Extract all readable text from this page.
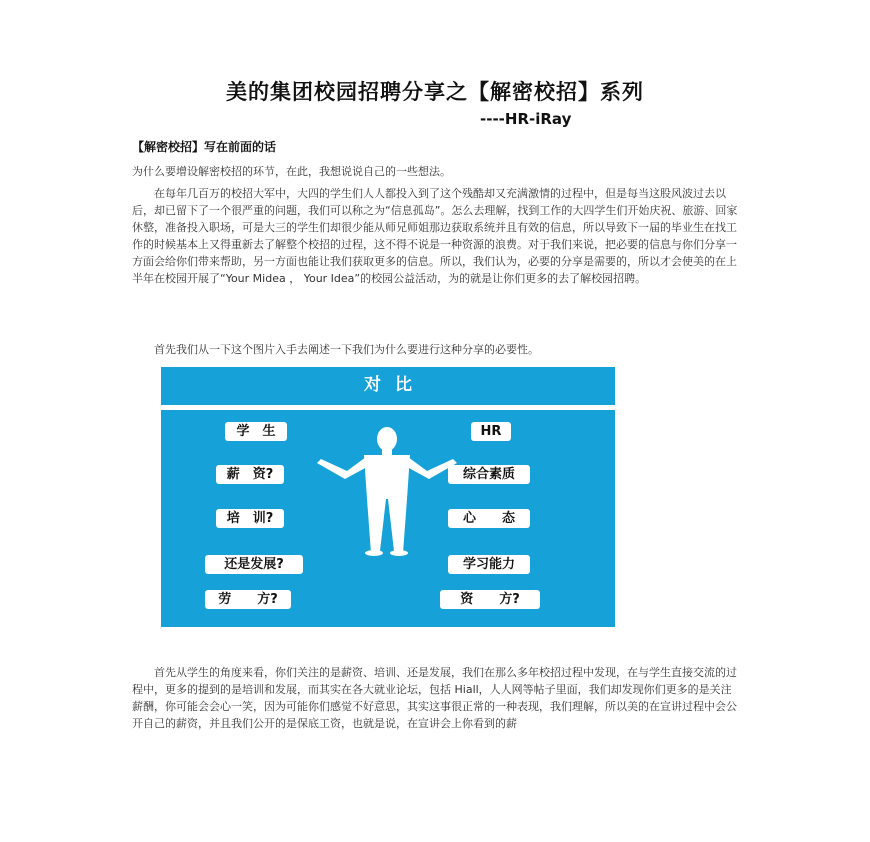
美的集团校园招聘分享之【解密校招】系列
----HR-iRay
【解密校招】写在前面的话
为什么要增设解密校招的环节，在此，我想说说自己的一些想法。
在每年几百万的校招大军中，大四的学生们人人都投入到了这个残酷却又充满激情的过程中，但是每当这股风波过去以后，却已留下了一个很严重的问题，我们可以称之为“信息孤岛”。怎么去理解，找到工作的大四学生们开始庆祝、旅游、回家休整，准备投入职场，可是大三的学生们却很少能从师兄师姐那边获取系统并且有效的信息，所以导致下一届的毕业生在找工作的时候基本上又得重新去了解整个校招的过程，这不得不说是一种资源的浪费。对于我们来说，把必要的信息与你们分享一方面会给你们带来帮助，另一方面也能让我们获取更多的信息。所以，我们认为，必要的分享是需要的，所以才会使美的在上半年在校园开展了“Your Midea ， Your Idea”的校园公益活动，为的就是让你们更多的去了解校园招聘。
首先我们从一下这个图片入手去阐述一下我们为什么要进行这种分享的必要性。
对比
学　生
薪　资?
培　训?
还是发展?
劳　　方?
HR
综合素质
心　　态
学习能力
资　　方?
首先从学生的角度来看，你们关注的是薪资、培训、还是发展，我们在那么多年校招过程中发现，在与学生直接交流的过程中，更多的提到的是培训和发展，而其实在各大就业论坛，包括 Hiall，人人网等帖子里面，我们却发现你们更多的是关注薪酬，你可能会会心一笑，因为可能你们感觉不好意思，其实这事很正常的一种表现，我们理解，所以美的在宣讲过程中会公开自己的薪资，并且我们公开的是保底工资，也就是说，在宣讲会上你看到的薪
